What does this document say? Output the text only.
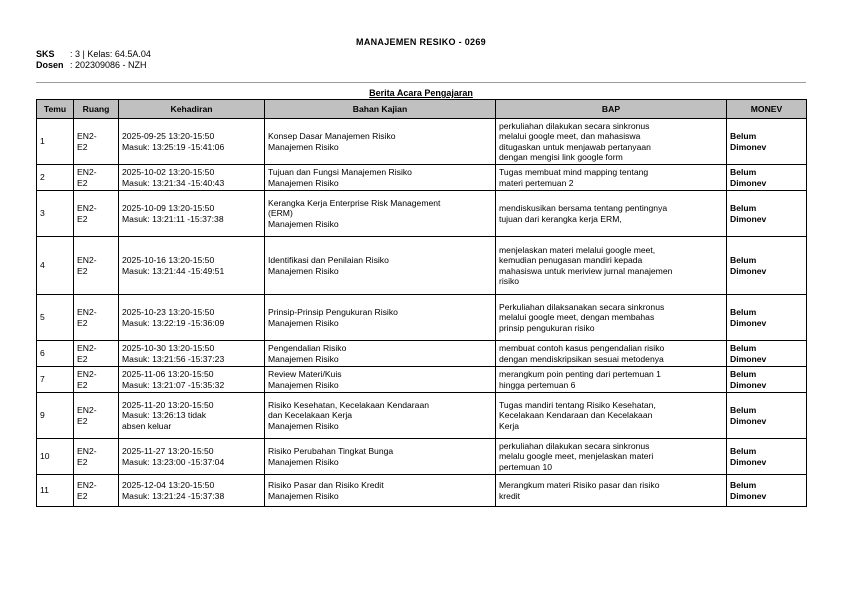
MANAJEMEN RESIKO - 0269
SKS : 3 | Kelas: 64.5A.04
Dosen : 202309086 - NZH
Berita Acara Pengajaran
Temu	Ruang	Kehadiran	Bahan Kajian	BAP	MONEV
1	EN2-
E2	2025-09-25 13:20-15:50
Masuk: 13:25:19 -15:41:06	Konsep Dasar Manajemen Risiko
Manajemen Risiko	perkuliahan dilakukan secara sinkronus
melalui google meet, dan mahasiswa
ditugaskan untuk menjawab pertanyaan
dengan mengisi link google form	Belum
Dimonev

2	EN2-
E2	2025-10-02 13:20-15:50
Masuk: 13:21:34 -15:40:43	Tujuan dan Fungsi Manajemen Risiko
Manajemen Risiko	Tugas membuat mind mapping tentang
materi pertemuan 2	Belum
Dimonev

3	EN2-
E2	2025-10-09 13:20-15:50
Masuk: 13:21:11 -15:37:38	Kerangka Kerja Enterprise Risk Management
(ERM)
Manajemen Risiko	mendiskusikan bersama tentang pentingnya
tujuan dari kerangka kerja ERM,	Belum
Dimonev

4	EN2-
E2	2025-10-16 13:20-15:50
Masuk: 13:21:44 -15:49:51	Identifikasi dan Penilaian Risiko
Manajemen Risiko	menjelaskan materi melalui google meet,
kemudian penugasan mandiri kepada
mahasiswa untuk meriview jurnal manajemen
risiko	Belum
Dimonev

5	EN2-
E2	2025-10-23 13:20-15:50
Masuk: 13:22:19 -15:36:09	Prinsip-Prinsip Pengukuran Risiko
Manajemen Risiko	Perkuliahan dilaksanakan secara sinkronus
melalui google meet, dengan membahas
prinsip pengukuran risiko	Belum
Dimonev

6	EN2-
E2	2025-10-30 13:20-15:50
Masuk: 13:21:56 -15:37:23	Pengendalian Risiko
Manajemen Risiko	membuat contoh kasus pengendalian risiko
dengan mendiskripsikan sesuai metodenya	Belum
Dimonev

7	EN2-
E2	2025-11-06 13:20-15:50
Masuk: 13:21:07 -15:35:32	Review Materi/Kuis
Manajemen Risiko	merangkum poin penting dari pertemuan 1
hingga pertemuan 6	Belum
Dimonev

9	EN2-
E2	2025-11-20 13:20-15:50
Masuk: 13:26:13 tidak
absen keluar	Risiko Kesehatan, Kecelakaan Kendaraan
dan Kecelakaan Kerja
Manajemen Risiko	Tugas mandiri tentang Risiko Kesehatan,
Kecelakaan Kendaraan dan Kecelakaan
Kerja	Belum
Dimonev

10	EN2-
E2	2025-11-27 13:20-15:50
Masuk: 13:23:00 -15:37:04	Risiko Perubahan Tingkat Bunga
Manajemen Risiko	perkuliahan dilakukan secara sinkronus
melalu google meet, menjelaskan materi
pertemuan 10	Belum
Dimonev

11	EN2-
E2	2025-12-04 13:20-15:50
Masuk: 13:21:24 -15:37:38	Risiko Pasar dan Risiko Kredit
Manajemen Risiko	Merangkum materi Risiko pasar dan risiko
kredit	Belum
Dimonev
